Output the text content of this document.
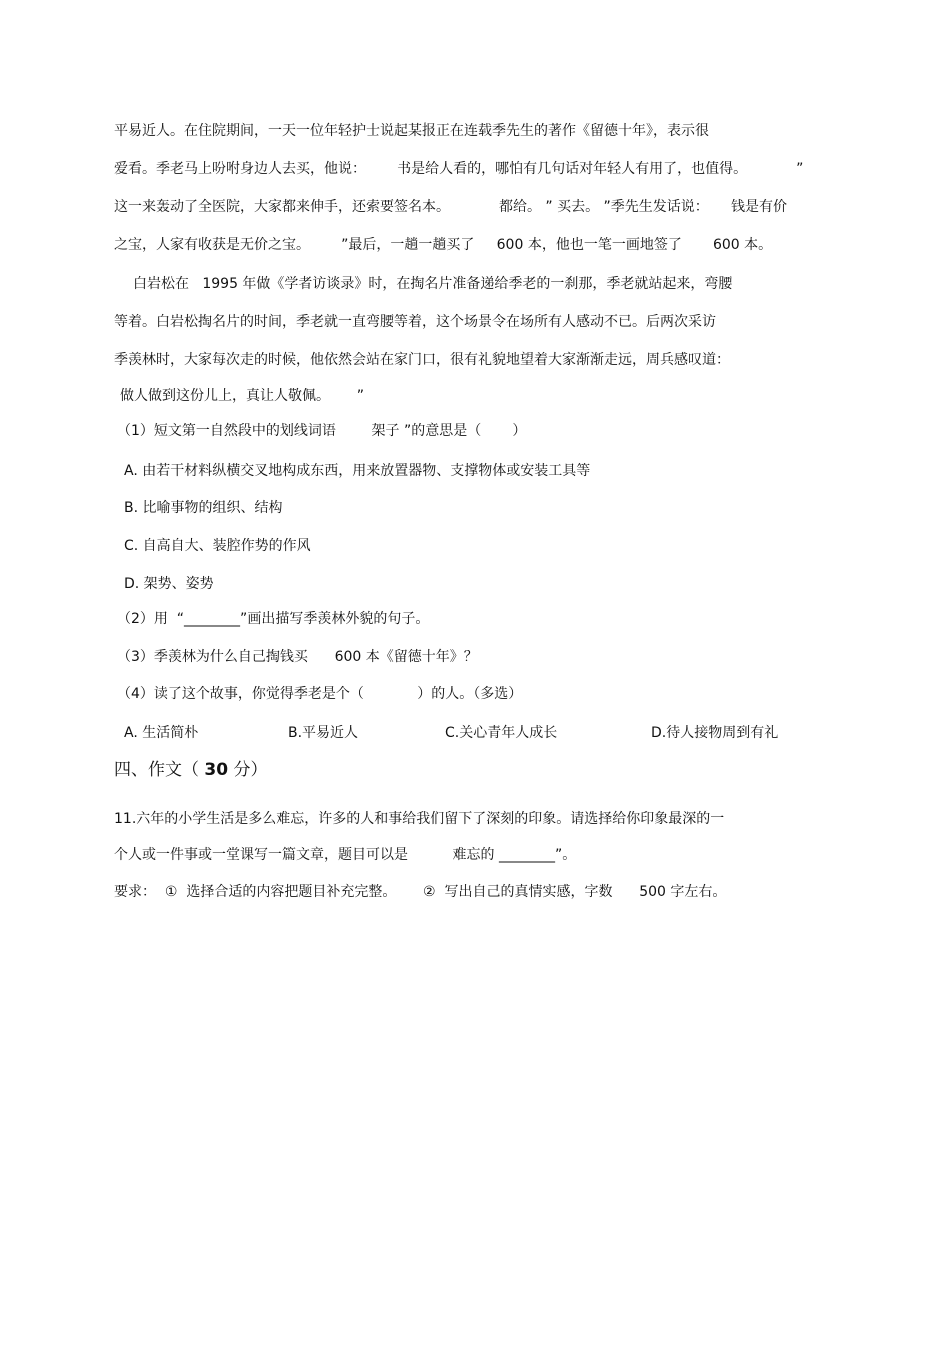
平易近人。在住院期间，一天一位年轻护士说起某报正在连载季先生的著作《留德十年》，表示很
爱看。季老马上吩咐身边人去买，他说：       书是给人看的，哪怕有几句话对年轻人有用了，也值得。           ”
这一来轰动了全医院，大家都来伸手，还索要签名本。           都给。 ” 买去。 ”季先生发话说：     钱是有价
之宝，人家有收获是无价之宝。       ”最后，一趟一趟买了     600 本，他也一笔一画地签了       600 本。
白岩松在   1995 年做《学者访谈录》时，在掏名片准备递给季老的一刹那，季老就站起来，弯腰
等着。白岩松掏名片的时间，季老就一直弯腰等着，这个场景令在场所有人感动不已。后两次采访
季羡林时，大家每次走的时候，他依然会站在家门口，很有礼貌地望着大家渐渐走远，周兵感叹道：
做人做到这份儿上，真让人敬佩。      ”
（1）短文第一自然段中的划线词语        架子 ”的意思是（       ）
A. 由若干材料纵横交叉地构成东西，用来放置器物、支撑物体或安装工具等
B. 比喻事物的组织、结构
C. 自高自大、装腔作势的作风
D. 架势、姿势
（2）用  “________”画出描写季羡林外貌的句子。
（3）季羡林为什么自己掏钱买      600 本《留德十年》？
（4）读了这个故事，你觉得季老是个（            ）的人。（多选）
A. 生活简朴	B.平易近人	C.关心青年人成长	D.待人接物周到有礼
四、作文（ 30 分）
11.六年的小学生活是多么难忘，许多的人和事给我们留下了深刻的印象。请选择给你印象最深的一
个人或一件事或一堂课写一篇文章，题目可以是          难忘的 ________”。
要求：  ①  选择合适的内容把题目补充完整。      ②  写出自己的真情实感，字数      500 字左右。
